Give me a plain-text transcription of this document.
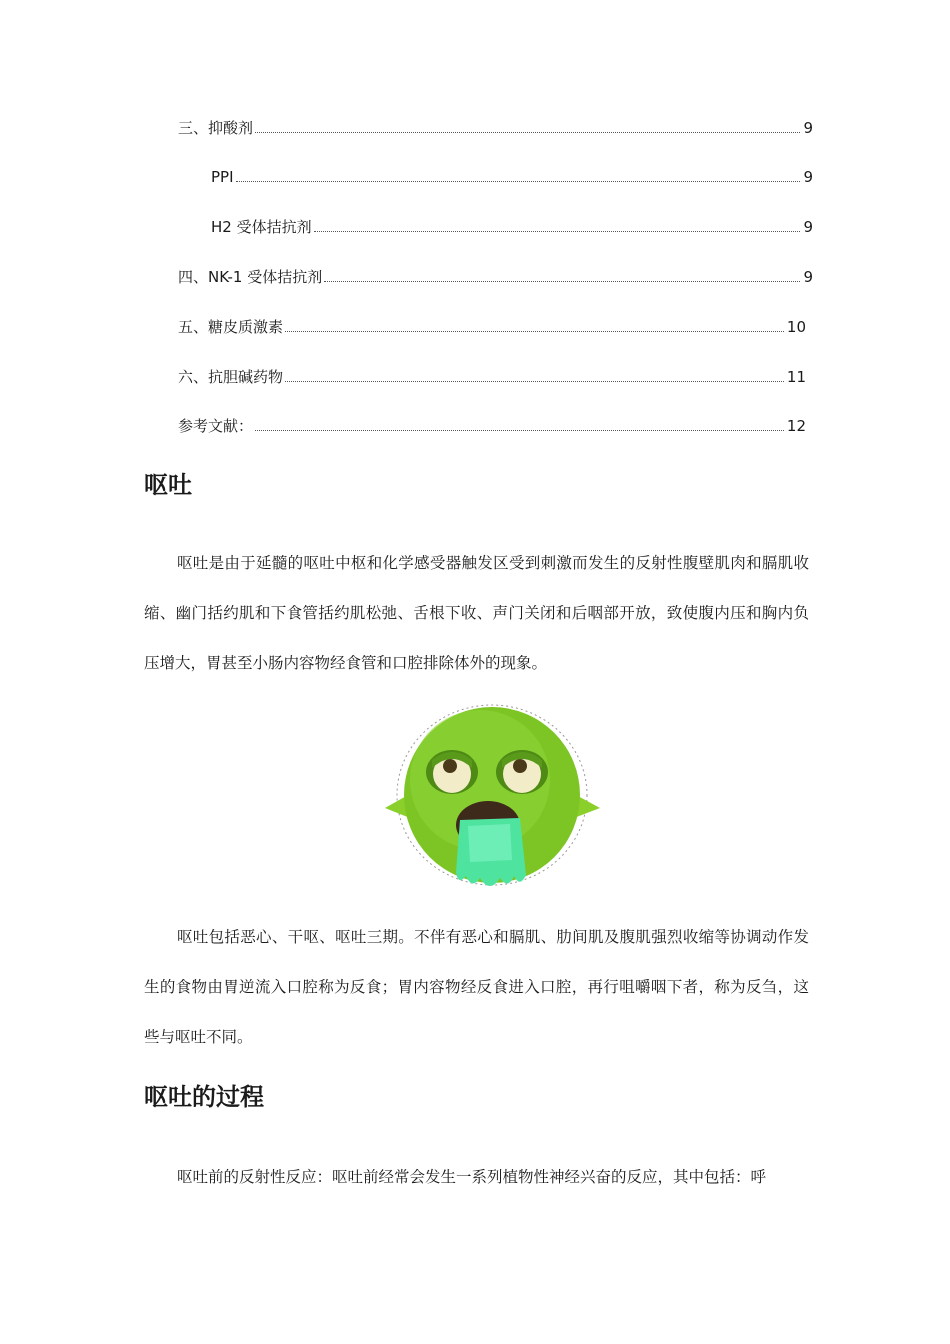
三、抑酸剂	9
PPI	9
H2 受体拮抗剂	9
四、NK-1 受体拮抗剂	9
五、糖皮质激素	10
六、抗胆碱药物	11
参考文献：	12
呕吐

呕吐是由于延髓的呕吐中枢和化学感受器触发区受到刺激而发生的反射性腹壁肌肉和膈肌收缩、幽门括约肌和下食管括约肌松弛、舌根下收、声门关闭和后咽部开放，致使腹内压和胸内负压增大，胃甚至小肠内容物经食管和口腔排除体外的现象。

呕吐包括恶心、干呕、呕吐三期。不伴有恶心和膈肌、肋间肌及腹肌强烈收缩等协调动作发生的食物由胃逆流入口腔称为反食；胃内容物经反食进入口腔，再行咀嚼咽下者，称为反刍，这些与呕吐不同。

呕吐的过程

呕吐前的反射性反应：呕吐前经常会发生一系列植物性神经兴奋的反应，其中包括：呼
